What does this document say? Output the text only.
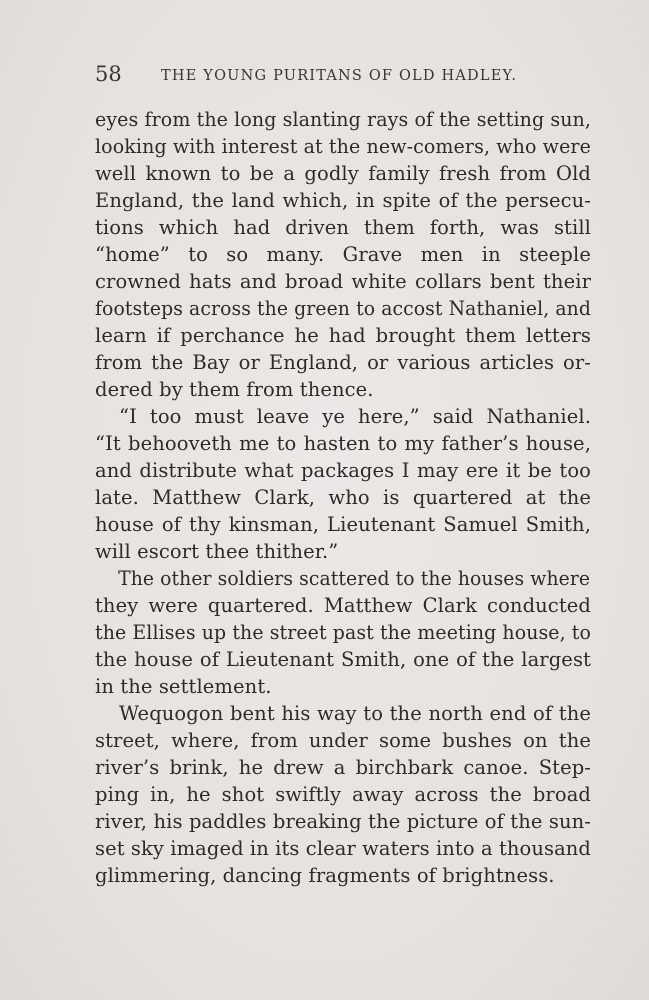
58	THE YOUNG PURITANS OF OLD HADLEY.
eyes from the long slanting rays of the setting sun,
looking with interest at the new-comers, who were
well known to be a godly family fresh from Old
England, the land which, in spite of the persecu-
tions which had driven them forth, was still
“home” to so many. Grave men in steeple
crowned hats and broad white collars bent their
footsteps across the green to accost Nathaniel, and
learn if perchance he had brought them letters
from the Bay or England, or various articles or-
dered by them from thence.
“I too must leave ye here,” said Nathaniel.
“It behooveth me to hasten to my father’s house,
and distribute what packages I may ere it be too
late. Matthew Clark, who is quartered at the
house of thy kinsman, Lieutenant Samuel Smith,
will escort thee thither.”
The other soldiers scattered to the houses where
they were quartered. Matthew Clark conducted
the Ellises up the street past the meeting house, to
the house of Lieutenant Smith, one of the largest
in the settlement.
Wequogon bent his way to the north end of the
street, where, from under some bushes on the
river’s brink, he drew a birchbark canoe. Step-
ping in, he shot swiftly away across the broad
river, his paddles breaking the picture of the sun-
set sky imaged in its clear waters into a thousand
glimmering, dancing fragments of brightness.
